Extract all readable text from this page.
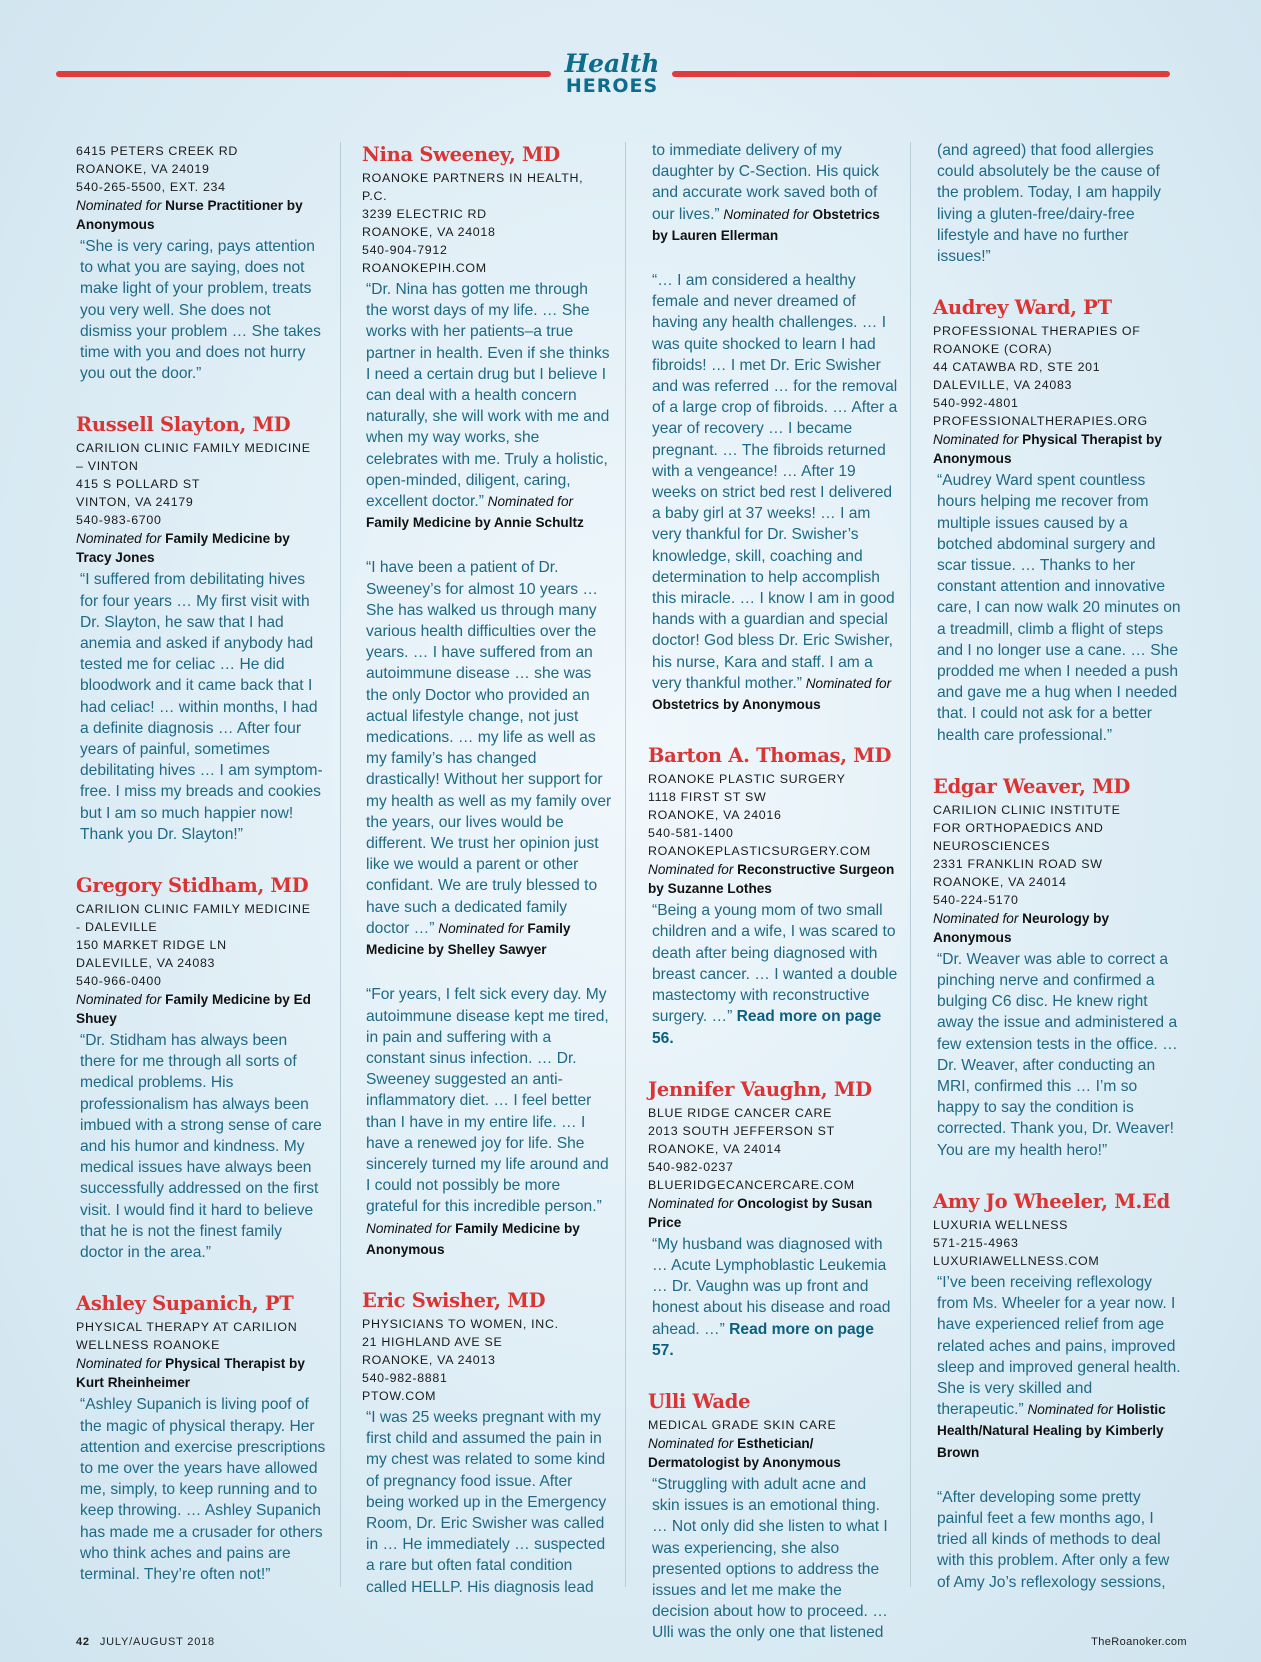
Health
HEROES
6415 PETERS CREEK RD
ROANOKE, VA 24019
540-265-5500, EXT. 234
Nominated for Nurse Practitioner by Anonymous
“She is very caring, pays attention to what you are saying, does not make light of your problem, treats you very well. She does not dismiss your problem … She takes time with you and does not hurry you out the door.”
Russell Slayton, MD
CARILION CLINIC FAMILY MEDICINE
– VINTON
415 S POLLARD ST
VINTON, VA 24179
540-983-6700
Nominated for Family Medicine by Tracy Jones
“I suffered from debilitating hives for four years … My first visit with Dr. Slayton, he saw that I had anemia and asked if anybody had tested me for celiac … He did bloodwork and it came back that I had celiac! … within months, I had a definite diagnosis … After four years of painful, sometimes debilitating hives … I am symptom-free. I miss my breads and cookies but I am so much happier now! Thank you Dr. Slayton!”
Gregory Stidham, MD
CARILION CLINIC FAMILY MEDICINE
- DALEVILLE
150 MARKET RIDGE LN
DALEVILLE, VA 24083
540-966-0400
Nominated for Family Medicine by Ed Shuey
“Dr. Stidham has always been there for me through all sorts of medical problems. His professionalism has always been imbued with a strong sense of care and his humor and kindness. My medical issues have always been successfully addressed on the first visit. I would find it hard to believe that he is not the finest family doctor in the area.”
Ashley Supanich, PT
PHYSICAL THERAPY AT CARILION
WELLNESS ROANOKE
Nominated for Physical Therapist by Kurt Rheinheimer
“Ashley Supanich is living poof of the magic of physical therapy. Her attention and exercise prescriptions to me over the years have allowed me, simply, to keep running and to keep throwing. … Ashley Supanich has made me a crusader for others who think aches and pains are terminal. They’re often not!”
Nina Sweeney, MD
ROANOKE PARTNERS IN HEALTH, P.C.
3239 ELECTRIC RD
ROANOKE, VA 24018
540-904-7912
ROANOKEPIH.COM
“Dr. Nina has gotten me through the worst days of my life. … She works with her patients–a true partner in health. Even if she thinks I need a certain drug but I believe I can deal with a health concern naturally, she will work with me and when my way works, she celebrates with me. Truly a holistic, open-minded, diligent, caring, excellent doctor.” Nominated for Family Medicine by Annie Schultz
“I have been a patient of Dr. Sweeney’s for almost 10 years … She has walked us through many various health difficulties over the years. … I have suffered from an autoimmune disease … she was the only Doctor who provided an actual lifestyle change, not just medications. … my life as well as my family’s has changed drastically! Without her support for my health as well as my family over the years, our lives would be different. We trust her opinion just like we would a parent or other confidant. We are truly blessed to have such a dedicated family doctor …” Nominated for Family Medicine by Shelley Sawyer
“For years, I felt sick every day. My autoimmune disease kept me tired, in pain and suffering with a constant sinus infection. … Dr. Sweeney suggested an anti-inflammatory diet. … I feel better than I have in my entire life. … I have a renewed joy for life. She sincerely turned my life around and I could not possibly be more grateful for this incredible person.” Nominated for Family Medicine by Anonymous
Eric Swisher, MD
PHYSICIANS TO WOMEN, INC.
21 HIGHLAND AVE SE
ROANOKE, VA 24013
540-982-8881
PTOW.COM
“I was 25 weeks pregnant with my first child and assumed the pain in my chest was related to some kind of pregnancy food issue. After being worked up in the Emergency Room, Dr. Eric Swisher was called in … He immediately … suspected a rare but often fatal condition called HELLP. His diagnosis lead
to immediate delivery of my daughter by C-Section. His quick and accurate work saved both of our lives.” Nominated for Obstetrics by Lauren Ellerman
“… I am considered a healthy female and never dreamed of having any health challenges. … I was quite shocked to learn I had fibroids! … I met Dr. Eric Swisher and was referred … for the removal of a large crop of fibroids. … After a year of recovery … I became pregnant. … The fibroids returned with a vengeance! … After 19 weeks on strict bed rest I delivered a baby girl at 37 weeks! … I am very thankful for Dr. Swisher’s knowledge, skill, coaching and determination to help accomplish this miracle. … I know I am in good hands with a guardian and special doctor! God bless Dr. Eric Swisher, his nurse, Kara and staff. I am a very thankful mother.” Nominated for Obstetrics by Anonymous
Barton A. Thomas, MD
ROANOKE PLASTIC SURGERY
1118 FIRST ST SW
ROANOKE, VA 24016
540-581-1400
ROANOKEPLASTICSURGERY.COM
Nominated for Reconstructive Surgeon by Suzanne Lothes
“Being a young mom of two small children and a wife, I was scared to death after being diagnosed with breast cancer. … I wanted a double mastectomy with reconstructive surgery. …” Read more on page 56.
Jennifer Vaughn, MD
BLUE RIDGE CANCER CARE
2013 SOUTH JEFFERSON ST
ROANOKE, VA 24014
540-982-0237
BLUERIDGECANCERCARE.COM
Nominated for Oncologist by Susan Price
“My husband was diagnosed with … Acute Lymphoblastic Leukemia … Dr. Vaughn was up front and honest about his disease and road ahead. …” Read more on page 57.
Ulli Wade
MEDICAL GRADE SKIN CARE
Nominated for Esthetician/ Dermatologist by Anonymous
“Struggling with adult acne and skin issues is an emotional thing. … Not only did she listen to what I was experiencing, she also presented options to address the issues and let me make the decision about how to proceed. … Ulli was the only one that listened
(and agreed) that food allergies could absolutely be the cause of the problem. Today, I am happily living a gluten-free/dairy-free lifestyle and have no further issues!”
Audrey Ward, PT
PROFESSIONAL THERAPIES OF
ROANOKE (CORA)
44 CATAWBA RD, STE 201
DALEVILLE, VA 24083
540-992-4801
PROFESSIONALTHERAPIES.ORG
Nominated for Physical Therapist by Anonymous
“Audrey Ward spent countless hours helping me recover from multiple issues caused by a botched abdominal surgery and scar tissue. … Thanks to her constant attention and innovative care, I can now walk 20 minutes on a treadmill, climb a flight of steps and I no longer use a cane. … She prodded me when I needed a push and gave me a hug when I needed that. I could not ask for a better health care professional.”
Edgar Weaver, MD
CARILION CLINIC INSTITUTE
FOR ORTHOPAEDICS AND
NEUROSCIENCES
2331 FRANKLIN ROAD SW
ROANOKE, VA 24014
540-224-5170
Nominated for Neurology by Anonymous
“Dr. Weaver was able to correct a pinching nerve and confirmed a bulging C6 disc. He knew right away the issue and administered a few extension tests in the office. … Dr. Weaver, after conducting an MRI, confirmed this … I’m so happy to say the condition is corrected. Thank you, Dr. Weaver! You are my health hero!”
Amy Jo Wheeler, M.Ed
LUXURIA WELLNESS
571-215-4963
LUXURIAWELLNESS.COM
“I’ve been receiving reflexology from Ms. Wheeler for a year now. I have experienced relief from age related aches and pains, improved sleep and improved general health. She is very skilled and therapeutic.” Nominated for Holistic Health/Natural Healing by Kimberly Brown
“After developing some pretty painful feet a few months ago, I tried all kinds of methods to deal with this problem. After only a few of Amy Jo’s reflexology sessions,
42 JULY/AUGUST 2018	TheRoanoker.com
